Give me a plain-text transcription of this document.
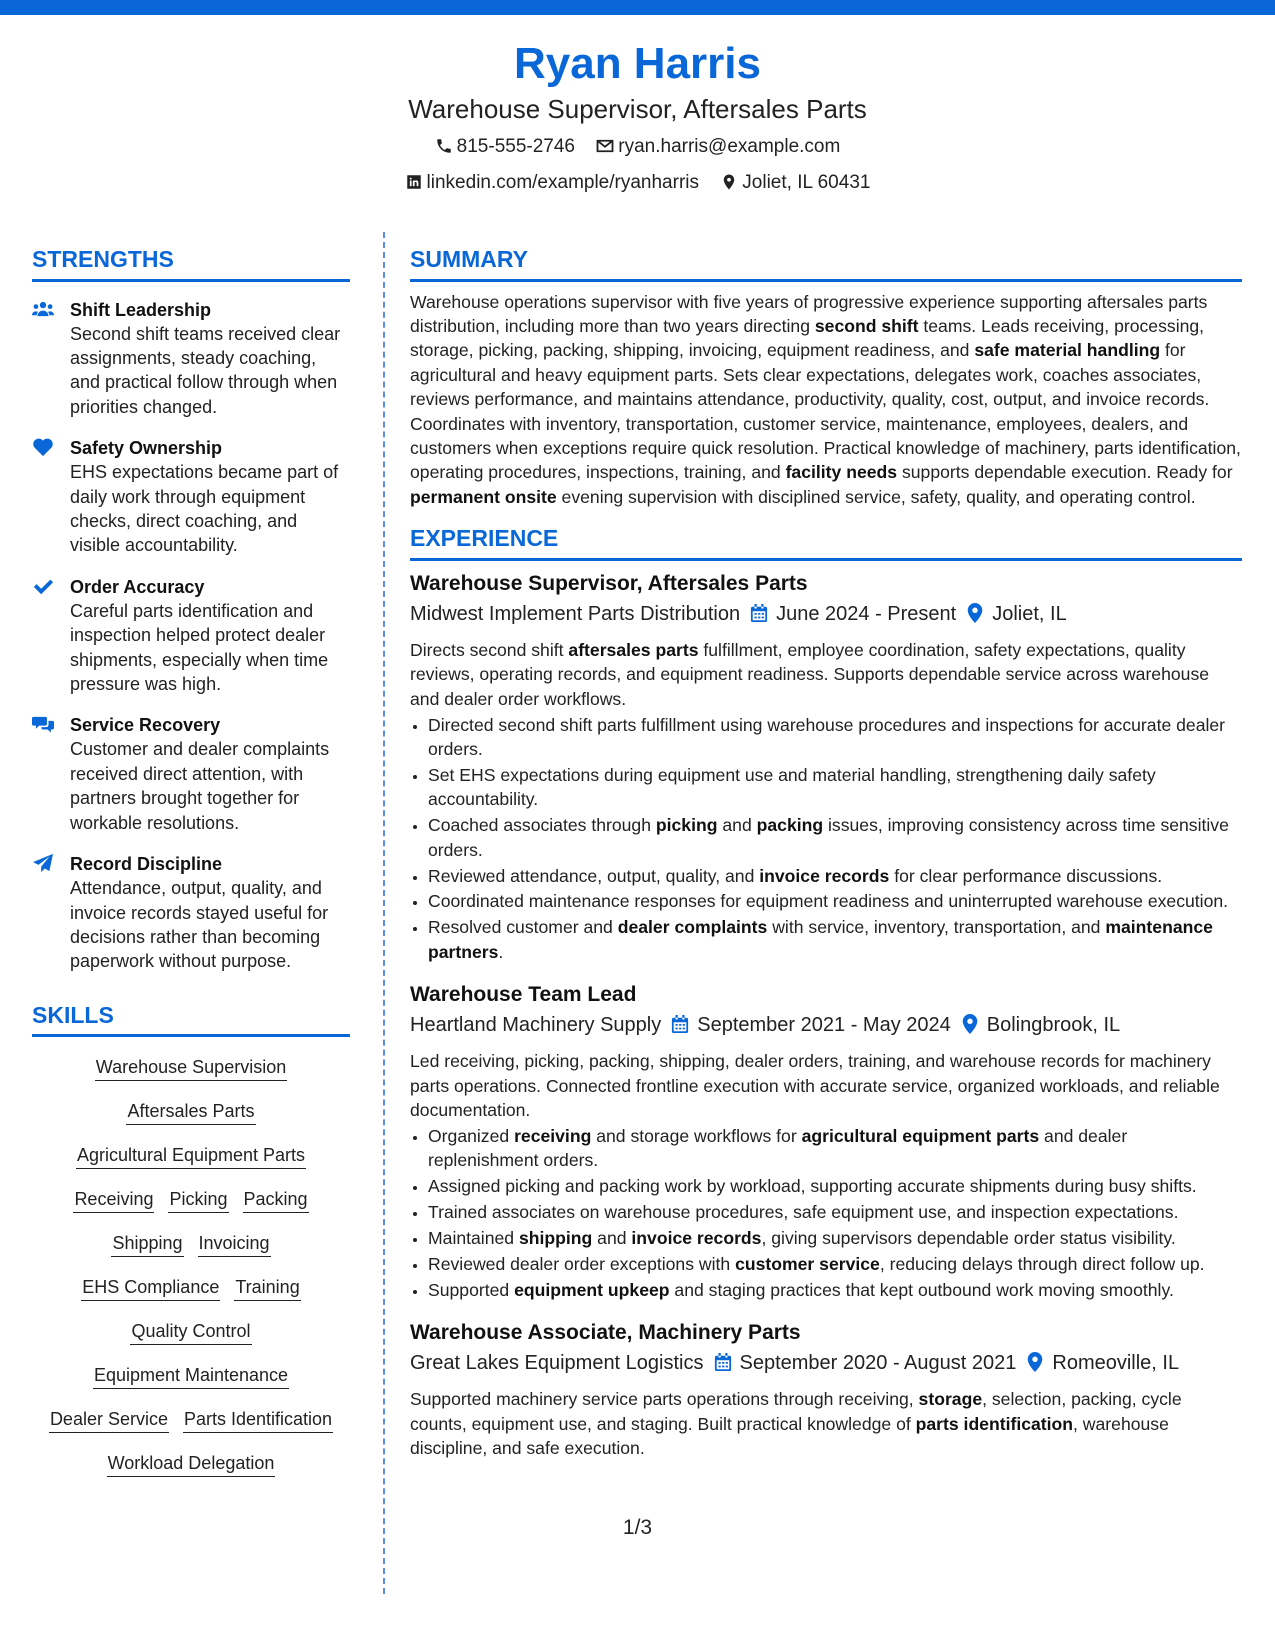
Ryan Harris
Warehouse Supervisor, Aftersales Parts
815-555-2746 ryan.harris@example.com
linkedin.com/example/ryanharris Joliet, IL 60431
STRENGTHS
Shift Leadership
Second shift teams received clear assignments, steady coaching, and practical follow through when priorities changed.
Safety Ownership
EHS expectations became part of daily work through equipment checks, direct coaching, and visible accountability.
Order Accuracy
Careful parts identification and inspection helped protect dealer shipments, especially when time pressure was high.
Service Recovery
Customer and dealer complaints received direct attention, with partners brought together for workable resolutions.
Record Discipline
Attendance, output, quality, and invoice records stayed useful for decisions rather than becoming paperwork without purpose.
SKILLS
Warehouse Supervision
Aftersales Parts
Agricultural Equipment Parts
Receiving Picking Packing
Shipping Invoicing
EHS Compliance Training
Quality Control
Equipment Maintenance
Dealer Service Parts Identification
Workload Delegation
SUMMARY
Warehouse operations supervisor with five years of progressive experience supporting aftersales parts distribution, including more than two years directing second shift teams. Leads receiving, processing, storage, picking, packing, shipping, invoicing, equipment readiness, and safe material handling for agricultural and heavy equipment parts. Sets clear expectations, delegates work, coaches associates, reviews performance, and maintains attendance, productivity, quality, cost, output, and invoice records. Coordinates with inventory, transportation, customer service, maintenance, employees, dealers, and customers when exceptions require quick resolution. Practical knowledge of machinery, parts identification, operating procedures, inspections, training, and facility needs supports dependable execution. Ready for permanent onsite evening supervision with disciplined service, safety, quality, and operating control.
EXPERIENCE
Warehouse Supervisor, Aftersales Parts
Midwest Implement Parts Distribution June 2024 - Present Joliet, IL
Directs second shift aftersales parts fulfillment, employee coordination, safety expectations, quality reviews, operating records, and equipment readiness. Supports dependable service across warehouse and dealer order workflows.
• Directed second shift parts fulfillment using warehouse procedures and inspections for accurate dealer orders.
• Set EHS expectations during equipment use and material handling, strengthening daily safety accountability.
• Coached associates through picking and packing issues, improving consistency across time sensitive orders.
• Reviewed attendance, output, quality, and invoice records for clear performance discussions.
• Coordinated maintenance responses for equipment readiness and uninterrupted warehouse execution.
• Resolved customer and dealer complaints with service, inventory, transportation, and maintenance partners.
Warehouse Team Lead
Heartland Machinery Supply September 2021 - May 2024 Bolingbrook, IL
Led receiving, picking, packing, shipping, dealer orders, training, and warehouse records for machinery parts operations. Connected frontline execution with accurate service, organized workloads, and reliable documentation.
• Organized receiving and storage workflows for agricultural equipment parts and dealer replenishment orders.
• Assigned picking and packing work by workload, supporting accurate shipments during busy shifts.
• Trained associates on warehouse procedures, safe equipment use, and inspection expectations.
• Maintained shipping and invoice records, giving supervisors dependable order status visibility.
• Reviewed dealer order exceptions with customer service, reducing delays through direct follow up.
• Supported equipment upkeep and staging practices that kept outbound work moving smoothly.
Warehouse Associate, Machinery Parts
Great Lakes Equipment Logistics September 2020 - August 2021 Romeoville, IL
Supported machinery service parts operations through receiving, storage, selection, packing, cycle counts, equipment use, and staging. Built practical knowledge of parts identification, warehouse discipline, and safe execution.
1/3
